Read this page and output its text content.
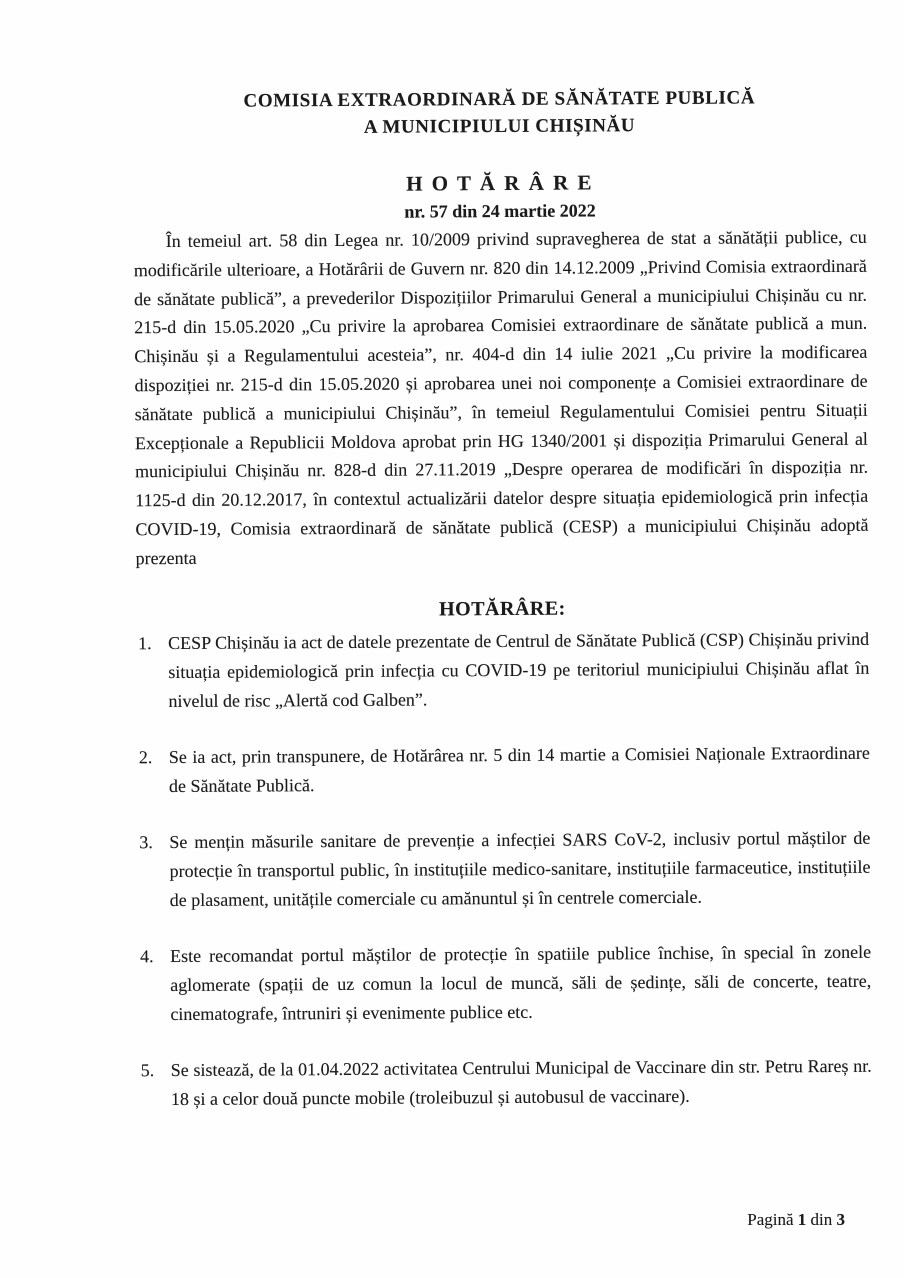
COMISIA EXTRAORDINARĂ DE SĂNĂTATE PUBLICĂ
A MUNICIPIULUI CHIȘINĂU
H O T Ă R Â R E
nr. 57 din 24 martie 2022

În temeiul art. 58 din Legea nr. 10/2009 privind supravegherea de stat a sănătății publice, cu modificările ulterioare, a Hotărârii de Guvern nr. 820 din 14.12.2009 „Privind Comisia extraordinară de sănătate publică”, a prevederilor Dispozițiilor Primarului General a municipiului Chișinău cu nr. 215-d din 15.05.2020 „Cu privire la aprobarea Comisiei extraordinare de sănătate publică a mun. Chișinău și a Regulamentului acesteia”, nr. 404-d din 14 iulie 2021 „Cu privire la modificarea dispoziției nr. 215-d din 15.05.2020 și aprobarea unei noi componențe a Comisiei extraordinare de sănătate publică a municipiului Chișinău”, în temeiul Regulamentului Comisiei pentru Situații Excepționale a Republicii Moldova aprobat prin HG 1340/2001 și dispoziția Primarului General al municipiului Chișinău nr. 828-d din 27.11.2019 „Despre operarea de modificări în dispoziția nr. 1125-d din 20.12.2017, în contextul actualizării datelor despre situația epidemiologică prin infecția COVID-19, Comisia extraordinară de sănătate publică (CESP) a municipiului Chișinău adoptă prezenta

HOTĂRÂRE:
1. CESP Chișinău ia act de datele prezentate de Centrul de Sănătate Publică (CSP) Chișinău privind situația epidemiologică prin infecția cu COVID-19 pe teritoriul municipiului Chișinău aflat în nivelul de risc „Alertă cod Galben”.
2. Se ia act, prin transpunere, de Hotărârea nr. 5 din 14 martie a Comisiei Naționale Extraordinare de Sănătate Publică.
3. Se mențin măsurile sanitare de prevenție a infecției SARS CoV-2, inclusiv portul măștilor de protecție în transportul public, în instituțiile medico-sanitare, instituțiile farmaceutice, instituțiile de plasament, unitățile comerciale cu amănuntul și în centrele comerciale.
4. Este recomandat portul măștilor de protecție în spatiile publice închise, în special în zonele aglomerate (spații de uz comun la locul de muncă, săli de ședințe, săli de concerte, teatre, cinematografe, întruniri și evenimente publice etc.
5. Se sistează, de la 01.04.2022 activitatea Centrului Municipal de Vaccinare din str. Petru Rareș nr. 18 și a celor două puncte mobile (troleibuzul și autobusul de vaccinare).
Pagină 1 din 3
